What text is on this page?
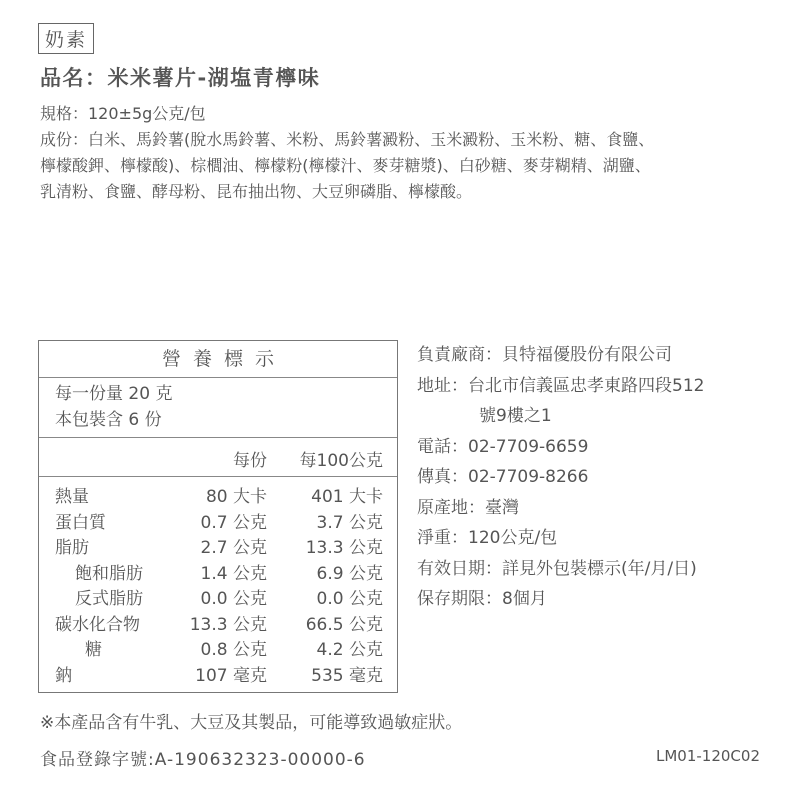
奶素
品名：米米薯片-湖塩青檸味
規格：120±5g公克/包
成份：白米、馬鈴薯(脫水馬鈴薯、米粉、馬鈴薯澱粉、玉米澱粉、玉米粉、糖、食鹽、
檸檬酸鉀、檸檬酸)、棕櫚油、檸檬粉(檸檬汁、麥芽糖漿)、白砂糖、麥芽糊精、湖鹽、
乳清粉、食鹽、酵母粉、昆布抽出物、大豆卵磷脂、檸檬酸。
營養標示
每一份量 20 克
本包裝含 6 份
每份 每100公克
熱量	80 大卡	401 大卡
蛋白質	0.7 公克	3.7 公克
脂肪	2.7 公克 13.3 公克
飽和脂肪	1.4 公克	6.9 公克
反式脂肪	0.0 公克	0.0 公克
碳水化合物	13.3 公克 66.5 公克
糖	0.8 公克	4.2 公克
鈉	107 毫克	535 毫克
負責廠商：貝特福優股份有限公司
地址：台北市信義區忠孝東路四段512
號9樓之1
電話：02-7709-6659
傳真：02-7709-8266
原產地：臺灣
淨重：120公克/包
有效日期：詳見外包裝標示(年/月/日)
保存期限：8個月
※本產品含有牛乳、大豆及其製品，可能導致過敏症狀。
食品登錄字號:A-190632323-00000-6	LM01-120C02
